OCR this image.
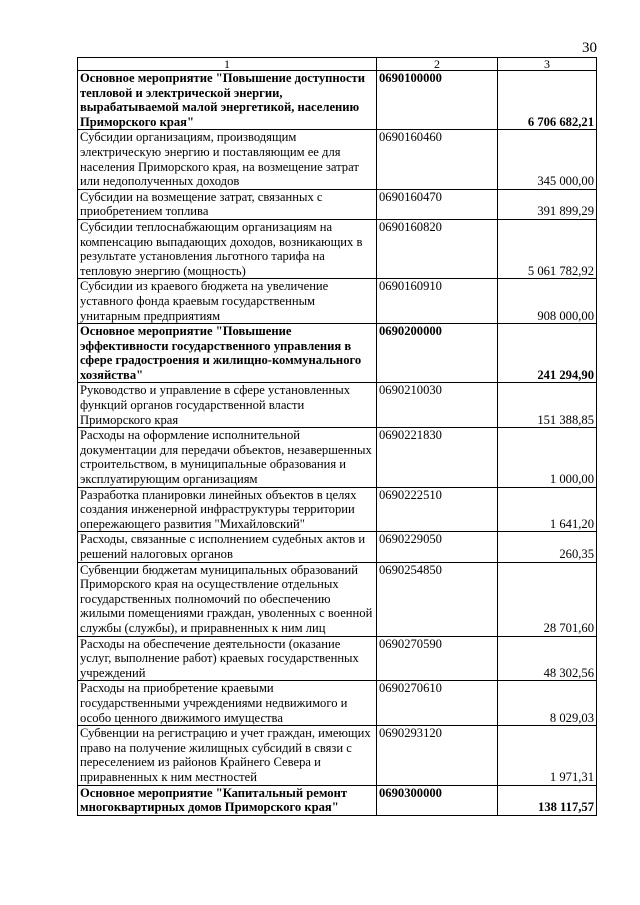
30
1	2	3
Основное мероприятие "Повышение доступности тепловой и электрической энергии, вырабатываемой малой энергетикой, населению Приморского края"	0690100000	6 706 682,21
Субсидии организациям, производящим электрическую энергию и поставляющим ее для населения Приморского края, на возмещение затрат или недополученных доходов	0690160460	345 000,00
Субсидии на возмещение затрат, связанных с приобретением топлива	0690160470	391 899,29
Субсидии теплоснабжающим организациям на компенсацию выпадающих доходов, возникающих в результате установления льготного тарифа на тепловую энергию (мощность)	0690160820	5 061 782,92
Субсидии из краевого бюджета на увеличение уставного фонда краевым государственным унитарным предприятиям	0690160910	908 000,00
Основное мероприятие "Повышение эффективности государственного управления в сфере градостроения и жилищно-коммунального хозяйства"	0690200000	241 294,90
Руководство и управление в сфере установленных функций органов государственной власти Приморского края	0690210030	151 388,85
Расходы на оформление исполнительной документации для передачи объектов, незавершенных строительством, в муниципальные образования и эксплуатирующим организациям	0690221830	1 000,00
Разработка планировки линейных объектов в целях создания инженерной инфраструктуры территории опережающего развития "Михайловский"	0690222510	1 641,20
Расходы, связанные с исполнением судебных актов и решений налоговых органов	0690229050	260,35
Субвенции бюджетам муниципальных образований Приморского края на осуществление отдельных государственных полномочий по обеспечению жилыми помещениями граждан, уволенных с военной службы (службы), и приравненных к ним лиц	0690254850	28 701,60
Расходы на обеспечение деятельности (оказание услуг, выполнение работ) краевых государственных учреждений	0690270590	48 302,56
Расходы на приобретение краевыми государственными учреждениями недвижимого и особо ценного движимого имущества	0690270610	8 029,03
Субвенции на регистрацию и учет граждан, имеющих право на получение жилищных субсидий в связи с переселением из районов Крайнего Севера и приравненных к ним местностей	0690293120	1 971,31
Основное мероприятие "Капитальный ремонт многоквартирных домов Приморского края"	0690300000	138 117,57
